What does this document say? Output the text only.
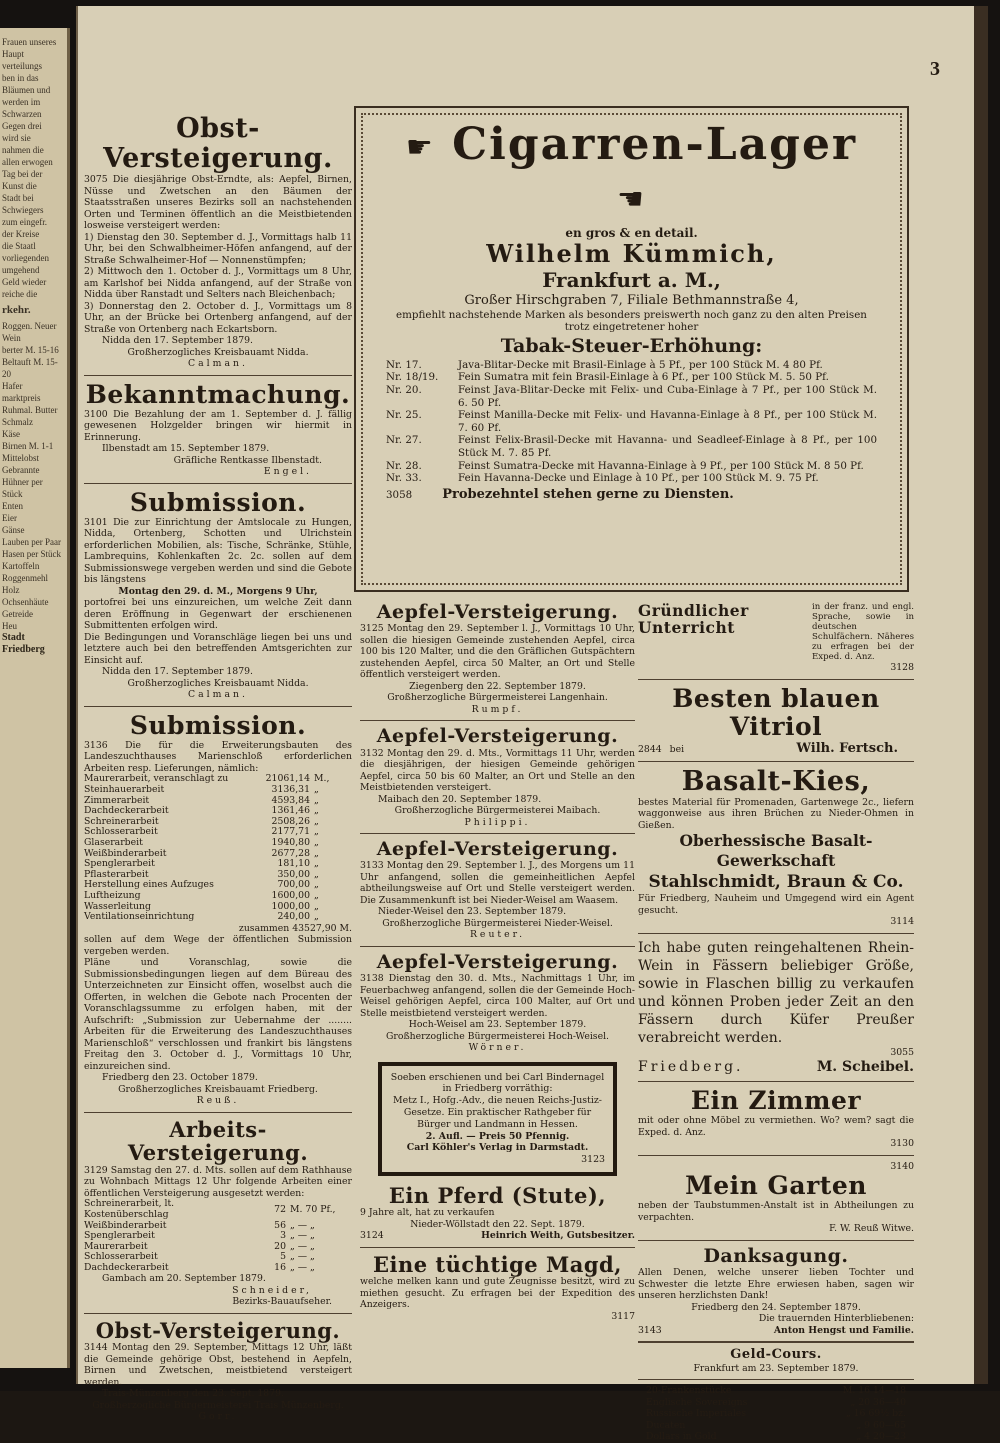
Frauen unseres
Haupt verteilungs
ben in das
Bläumen und
werden im
Schwarzen
Gegen drei
wird sie
nahmen die
allen erwogen
Tag bei der
Kunst die
Stadt bei
Schwiegers
zum eingefr.
der Kreise
die Staatl
vorliegenden
umgehend
Geld wieder
reiche die
rkehr.
Roggen. Neuer Wein
berter M. 15-16
Beltauft M. 15-20
Hafer
marktpreis
Ruhmal. Butter
Schmalz
Käse
Birnen M. 1-1
Mittelobst
Gebrannte
Hühner per Stück
Enten
Eier
Gänse
Lauben per Paar
Hasen per Stück
Kartoffeln
Roggenmehl
Holz
Ochsenhäute
Getreide
Heu
Stadt Friedberg
3
Obst-Versteigerung.

3075 Die diesjährige Obst-Erndte, als: Aepfel, Birnen, Nüsse und Zwetschen an den Bäumen der Staatsstraßen unseres Bezirks soll an nachstehenden Orten und Terminen öffentlich an die Meistbietenden losweise versteigert werden:

1) Dienstag den 30. September d. J., Vormittags halb 11 Uhr, bei den Schwalbheimer-Höfen anfangend, auf der Straße Schwalheimer-Hof — Nonnenstümpfen;

2) Mittwoch den 1. October d. J., Vormittags um 8 Uhr, am Karlshof bei Nidda anfangend, auf der Straße von Nidda über Ranstadt und Selters nach Bleichenbach;

3) Donnerstag den 2. October d. J., Vormittags um 8 Uhr, an der Brücke bei Ortenberg anfangend, auf der Straße von Ortenberg nach Eckartsborn.

Nidda den 17. September 1879.

Großherzogliches Kreisbauamt Nidda.

Calman.

Bekanntmachung.

3100 Die Bezahlung der am 1. September d. J. fällig gewesenen Holzgelder bringen wir hiermit in Erinnerung.

Ilbenstadt am 15. September 1879.

Gräfliche Rentkasse Ilbenstadt.

Engel.

Submission.

3101 Die zur Einrichtung der Amtslocale zu Hungen, Nidda, Ortenberg, Schotten und Ulrichstein erforderlichen Mobilien, als: Tische, Schränke, Stühle, Lambrequins, Kohlenkaften 2c. 2c. sollen auf dem Submissionswege vergeben werden und sind die Gebote bis längstens

Montag den 29. d. M., Morgens 9 Uhr,

portofrei bei uns einzureichen, um welche Zeit dann deren Eröffnung in Gegenwart der erschienenen Submittenten erfolgen wird.

Die Bedingungen und Voranschläge liegen bei uns und letztere auch bei den betreffenden Amtsgerichten zur Einsicht auf.

Nidda den 17. September 1879.

Großherzogliches Kreisbauamt Nidda.

Calman.

Submission.

3136 Die für die Erweiterungsbauten des Landeszuchthauses Marienschloß erforderlichen Arbeiten resp. Lieferungen, nämlich:

Maurerarbeit, veranschlagt zu	21061,14	M.,
Steinhauerarbeit	3136,31	„
Zimmerarbeit	4593,84	„
Dachdeckerarbeit	1361,46	„
Schreinerarbeit	2508,26	„
Schlosserarbeit	2177,71	„
Glaserarbeit	1940,80	„
Weißbinderarbeit	2677,28	„
Spenglerarbeit	181,10	„
Pflasterarbeit	350,00	„
Herstellung eines Aufzuges	700,00	„
Luftheizung	1600,00	„
Wasserleitung	1000,00	„
Ventilationseinrichtung	240,00	„

zusammen 43527,90 M.

sollen auf dem Wege der öffentlichen Submission vergeben werden.

Pläne und Voranschlag, sowie die Submissionsbedingungen liegen auf dem Büreau des Unterzeichneten zur Einsicht offen, woselbst auch die Offerten, in welchen die Gebote nach Procenten der Voranschlagssumme zu erfolgen haben, mit der Aufschrift: „Submission zur Uebernahme der ........ Arbeiten für die Erweiterung des Landeszuchthauses Marienschloß“ verschlossen und frankirt bis längstens Freitag den 3. October d. J., Vormittags 10 Uhr, einzureichen sind.

Friedberg den 23. October 1879.

Großherzogliches Kreisbauamt Friedberg.

Reuß.

Arbeits-Versteigerung.

3129 Samstag den 27. d. Mts. sollen auf dem Rathhause zu Wohnbach Mittags 12 Uhr folgende Arbeiten einer öffentlichen Versteigerung ausgesetzt werden:

Schreinerarbeit, lt. Kostenüberschlag	72	M. 70 Pf.,
Weißbinderarbeit	56	„ — „
Spenglerarbeit	3	„ — „
Maurerarbeit	20	„ — „
Schlosserarbeit	5	„ — „
Dachdeckerarbeit	16	„ — „

Gambach am 20. September 1879.

Schneider,

Bezirks-Bauaufseher.

Obst-Versteigerung.

3144 Montag den 29. September, Mittags 12 Uhr, läßt die Gemeinde gehörige Obst, bestehend in Aepfeln, Birnen und Zwetschen, meistbietend versteigert werden.

Trais-Münzenberg den 23. Sept. 1879.

Großherzogliche Bürgermeisterei Trais Münzenberg.

Gorr.

☛ Cigarren-Lager ☚

en gros & en detail.

Wilhelm Kümmich,

Frankfurt a. M.,

Großer Hirschgraben 7, Filiale Bethmannstraße 4,

empfiehlt nachstehende Marken als besonders preiswerth noch ganz zu den alten Preisen trotz eingetretener hoher

Tabak-Steuer-Erhöhung:

Nr. 17.	Java-Blitar-Decke mit Brasil-Einlage à 5 Pf., per 100 Stück M. 4 80 Pf.
Nr. 18/19.	Fein Sumatra mit fein Brasil-Einlage à 6 Pf., per 100 Stück M. 5. 50 Pf.
Nr. 20.	Feinst Java-Blitar-Decke mit Felix- und Cuba-Einlage à 7 Pf., per 100 Stück M. 6. 50 Pf.
Nr. 25.	Feinst Manilla-Decke mit Felix- und Havanna-Einlage à 8 Pf., per 100 Stück M. 7. 60 Pf.
Nr. 27.	Feinst Felix-Brasil-Decke mit Havanna- und Seadleef-Einlage à 8 Pf., per 100 Stück M. 7. 85 Pf.
Nr. 28.	Feinst Sumatra-Decke mit Havanna-Einlage à 9 Pf., per 100 Stück M. 8 50 Pf.
Nr. 33.	Fein Havanna-Decke und Einlage à 10 Pf., per 100 Stück M. 9. 75 Pf.
3058 Probezehntel stehen gerne zu Diensten.
Aepfel-Versteigerung.

3125 Montag den 29. September l. J., Vormittags 10 Uhr, sollen die hiesigen Gemeinde zustehenden Aepfel, circa 100 bis 120 Malter, und die den Gräflichen Gutspächtern zustehenden Aepfel, circa 50 Malter, an Ort und Stelle öffentlich versteigert werden.

Ziegenberg den 22. September 1879.

Großherzogliche Bürgermeisterei Langenhain.

Rumpf.

Aepfel-Versteigerung.

3132 Montag den 29. d. Mts., Vormittags 11 Uhr, werden die diesjährigen, der hiesigen Gemeinde gehörigen Aepfel, circa 50 bis 60 Malter, an Ort und Stelle an den Meistbietenden versteigert.

Maibach den 20. September 1879.

Großherzogliche Bürgermeisterei Maibach.

Philippi.

Aepfel-Versteigerung.

3133 Montag den 29. September l. J., des Morgens um 11 Uhr anfangend, sollen die gemeinheitlichen Aepfel abtheilungsweise auf Ort und Stelle versteigert werden. Die Zusammenkunft ist bei Nieder-Weisel am Waasem.

Nieder-Weisel den 23. September 1879.

Großherzogliche Bürgermeisterei Nieder-Weisel.

Reuter.

Aepfel-Versteigerung.

3138 Dienstag den 30. d. Mts., Nachmittags 1 Uhr, im Feuerbachweg anfangend, sollen die der Gemeinde Hoch-Weisel gehörigen Aepfel, circa 100 Malter, auf Ort und Stelle meistbietend versteigert werden.

Hoch-Weisel am 23. September 1879.

Großherzogliche Bürgermeisterei Hoch-Weisel.

Wörner.

Soeben erschienen und bei Carl Bindernagel in Friedberg vorräthig:

Metz I., Hofg.-Adv., die neuen Reichs-Justiz-Gesetze. Ein praktischer Rathgeber für Bürger und Landmann in Hessen.

2. Aufl. — Preis 50 Pfennig.

Carl Köhler's Verlag in Darmstadt.

3123

Ein Pferd (Stute),

9 Jahre alt, hat zu verkaufen

Nieder-Wöllstadt den 22. Sept. 1879.

3124	Heinrich Weith, Gutsbesitzer.
Eine tüchtige Magd,

welche melken kann und gute Zeugnisse besitzt, wird zu miethen gesucht. Zu erfragen bei der Expedition des Anzeigers.

3117

Gründlicher Unterricht

in der franz. und engl. Sprache, sowie in deutschen Schulfächern. Näheres zu erfragen bei der Exped. d. Anz.

3128

Besten blauen Vitriol
2844 bei	Wilh. Fertsch.
Basalt-Kies,

bestes Material für Promenaden, Gartenwege 2c., liefern waggonweise aus ihren Brüchen zu Nieder-Ohmen in Gießen.

Oberhessische Basalt-Gewerkschaft

Stahlschmidt, Braun & Co.

Für Friedberg, Nauheim und Umgegend wird ein Agent gesucht.

3114

Ich habe guten reingehaltenen Rhein-Wein in Fässern beliebiger Größe, sowie in Flaschen billig zu verkaufen und können Proben jeder Zeit an den Fässern durch Küfer Preußer verabreicht werden.

3055

Friedberg.	M. Scheibel.
Ein Zimmer

mit oder ohne Möbel zu vermiethen. Wo? wem? sagt die Exped. d. Anz.

3130

3140

Mein Garten

neben der Taubstummen-Anstalt ist in Abtheilungen zu verpachten.

F. W. Reuß Witwe.

Danksagung.

Allen Denen, welche unserer lieben Tochter und Schwester die letzte Ehre erwiesen haben, sagen wir unseren herzlichsten Dank!

Friedberg den 24. September 1879.

Die trauernden Hinterbliebenen:

3143	Anton Hengst und Familie.
Geld-Cours.

Frankfurt am 23. September 1879.

20-Frankenstücke	M. 16 14—18
Englische Sovereigns	„ 20 36—40
Russische Imperiales	„ 16 69½ bz.
Ducaten	„ 9 60—65
Dollars in Gold	„ 4 20—23
